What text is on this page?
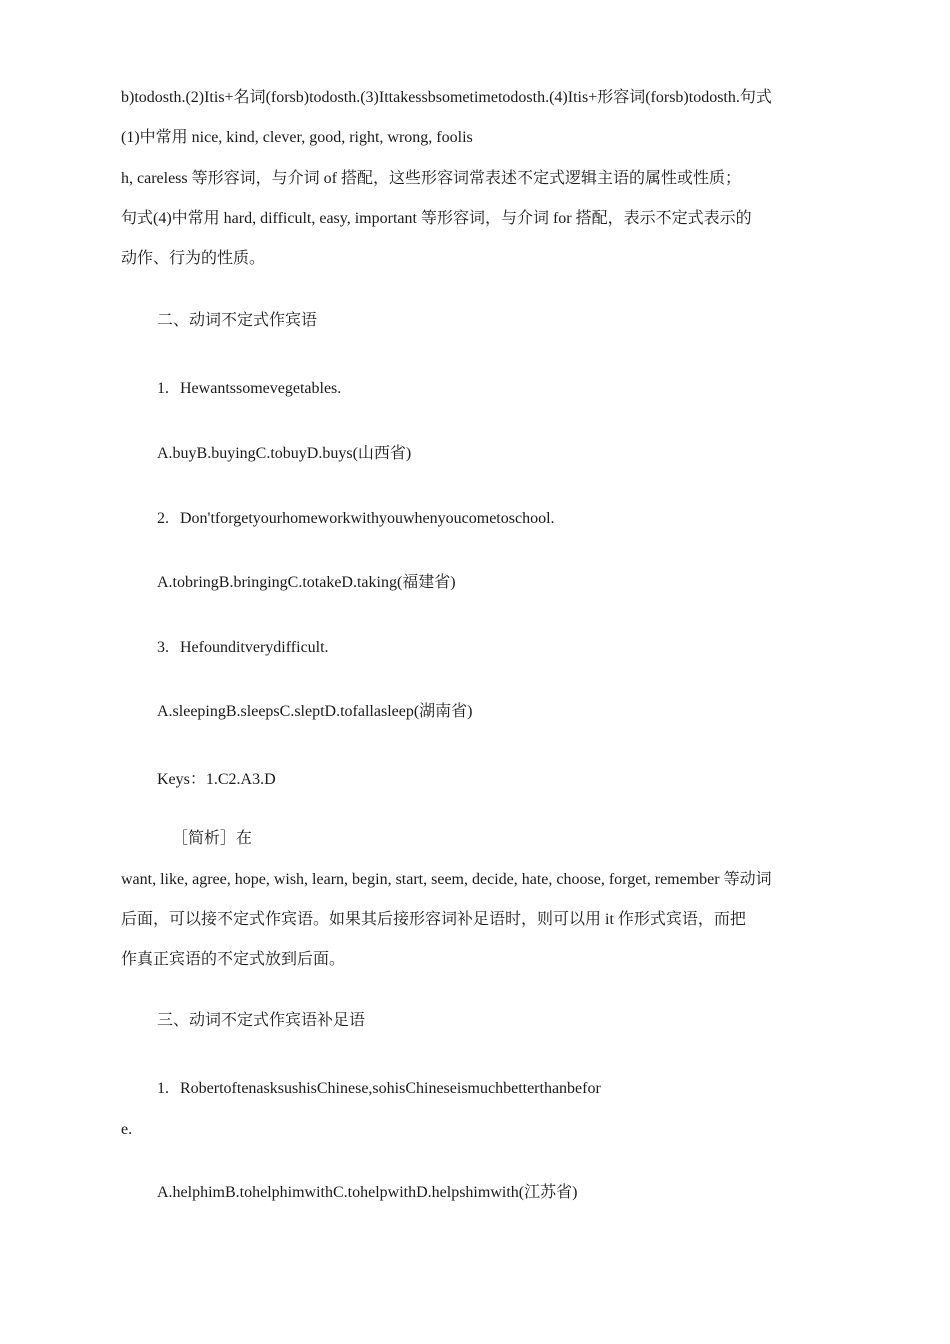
b)todosth.(2)Itis+名词(forsb)todosth.(3)Ittakessbsometimetodosth.(4)Itis+形容词(forsb)todosth.句式
(1)中常用 nice, kind, clever, good, right, wrong, foolis
h, careless 等形容词，与介词 of 搭配，这些形容词常表述不定式逻辑主语的属性或性质；
句式(4)中常用 hard, difficult, easy, important 等形容词，与介词 for 搭配，表示不定式表示的
动作、行为的性质。
二、动词不定式作宾语
1. Hewantssomevegetables.
A.buyB.buyingC.tobuyD.buys(山西省)
2. Don'tforgetyourhomeworkwithyouwhenyoucometoschool.
A.tobringB.bringingC.totakeD.taking(福建省)
3. Hefounditverydifficult.
A.sleepingB.sleepsC.sleptD.tofallasleep(湖南省)
Keys：1.C2.A3.D
［简析］在
want, like, agree, hope, wish, learn, begin, start, seem, decide, hate, choose, forget, remember 等动词
后面，可以接不定式作宾语。如果其后接形容词补足语时，则可以用 it 作形式宾语，而把
作真正宾语的不定式放到后面。
三、动词不定式作宾语补足语
1. RobertoftenasksushisChinese,sohisChineseismuchbetterthanbefor
e.
A.helphimB.tohelphimwithC.tohelpwithD.helpshimwith(江苏省)
